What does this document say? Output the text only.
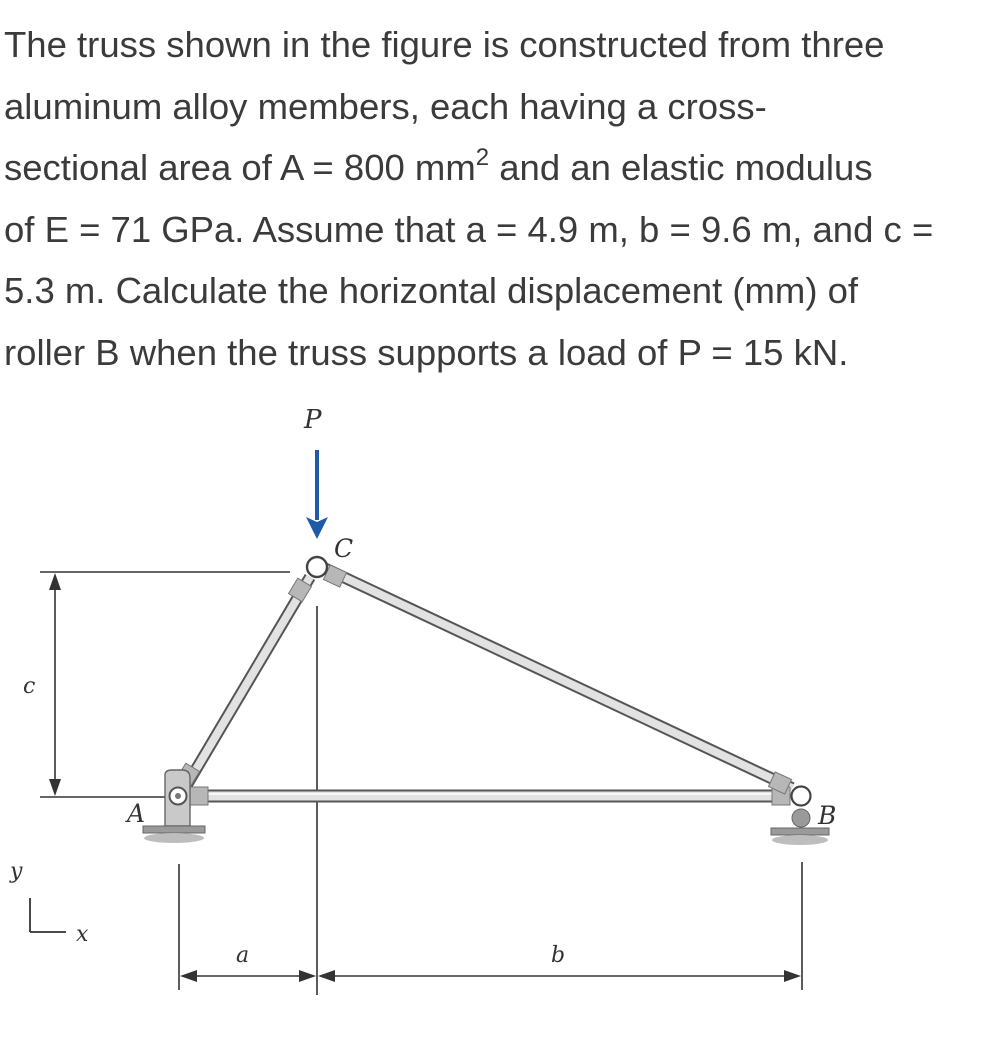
The truss shown in the figure is constructed from three
aluminum alloy members, each having a cross-
sectional area of A = 800 $mm^2$ and an elastic modulus
of E = 71 GPa. Assume that a = 4.9 m, b = 9.6 m, and c =
5.3 m. Calculate the horizontal displacement (mm) of
roller B when the truss supports a load of P = 15 kN.
c
P
C
A	B
a	b
y
x
